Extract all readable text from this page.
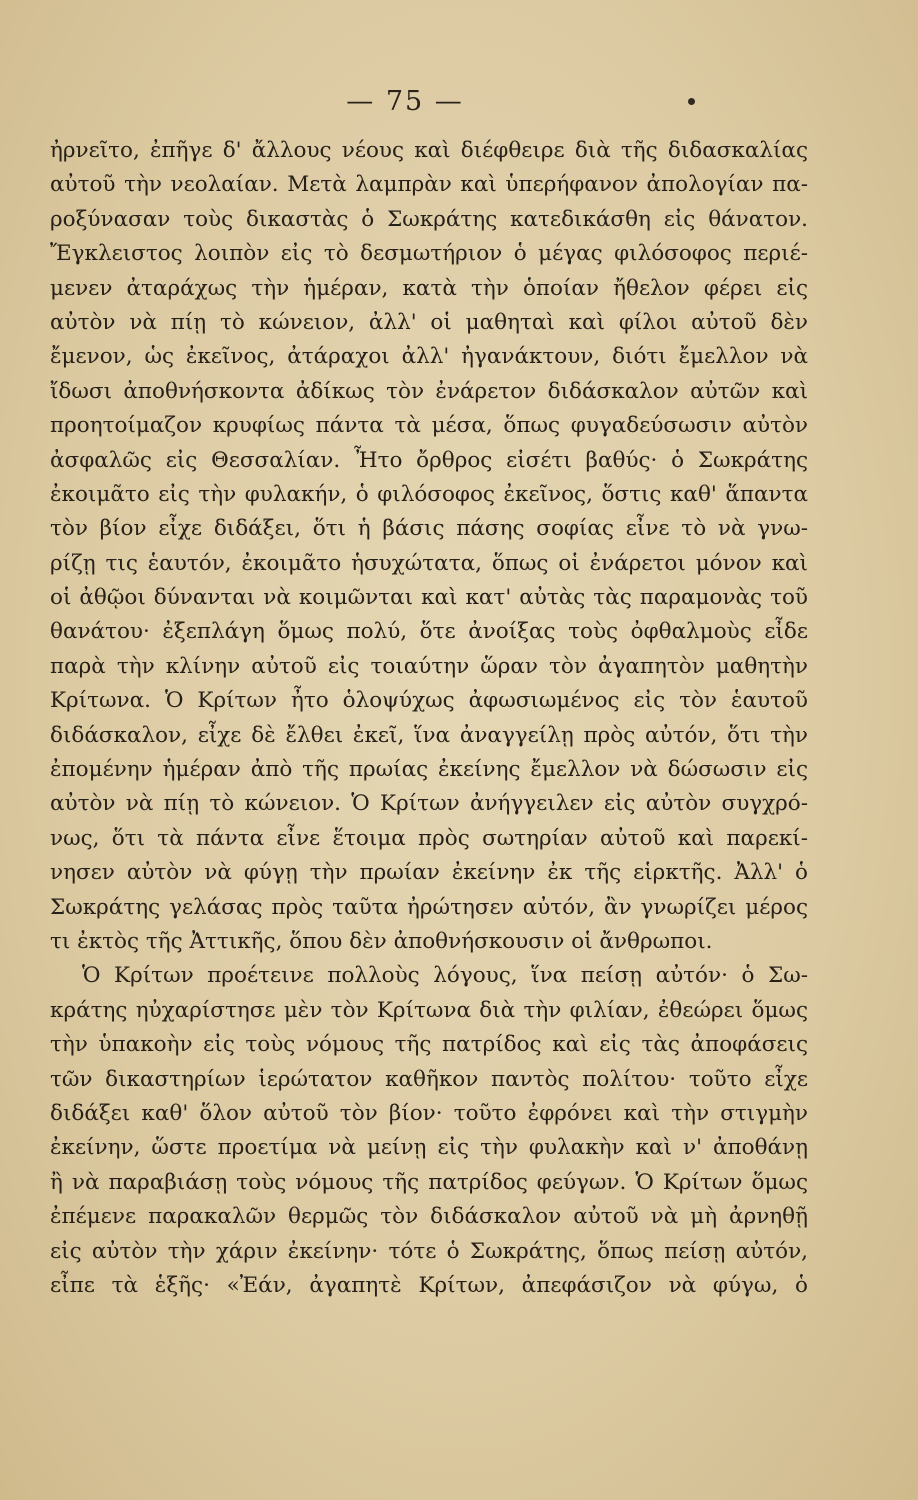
— 75 —
ἠρνεῖτο, ἐπῆγε δ' ἄλλους νέους καὶ διέφθειρε διὰ τῆς διδασκαλίας
αὐτοῦ τὴν νεολαίαν. Μετὰ λαμπρὰν καὶ ὑπερήφανον ἀπολογίαν πα-
ροξύνασαν τοὺς δικαστὰς ὁ Σωκράτης κατεδικάσθη εἰς θάνατον.
Ἔγκλειστος λοιπὸν εἰς τὸ δεσμωτήριον ὁ μέγας φιλόσοφος περιέ-
μενεν ἀταράχως τὴν ἡμέραν, κατὰ τὴν ὁποίαν ἤθελον φέρει εἰς
αὐτὸν νὰ πίῃ τὸ κώνειον, ἀλλ' οἱ μαθηταὶ καὶ φίλοι αὐτοῦ δὲν
ἔμενον, ὡς ἐκεῖνος, ἀτάραχοι ἀλλ' ἠγανάκτουν, διότι ἔμελλον νὰ
ἴδωσι ἀποθνήσκοντα ἀδίκως τὸν ἐνάρετον διδάσκαλον αὐτῶν καὶ
προητοίμαζον κρυφίως πάντα τὰ μέσα, ὅπως φυγαδεύσωσιν αὐτὸν
ἀσφαλῶς εἰς Θεσσαλίαν. Ἦτο ὄρθρος εἰσέτι βαθύς· ὁ Σωκράτης
ἐκοιμᾶτο εἰς τὴν φυλακήν, ὁ φιλόσοφος ἐκεῖνος, ὅστις καθ' ἅπαντα
τὸν βίον εἶχε διδάξει, ὅτι ἡ βάσις πάσης σοφίας εἶνε τὸ νὰ γνω-
ρίζῃ τις ἑαυτόν, ἐκοιμᾶτο ἡσυχώτατα, ὅπως οἱ ἐνάρετοι μόνον καὶ
οἱ ἀθῷοι δύνανται νὰ κοιμῶνται καὶ κατ' αὐτὰς τὰς παραμονὰς τοῦ
θανάτου· ἐξεπλάγη ὅμως πολύ, ὅτε ἀνοίξας τοὺς ὀφθαλμοὺς εἶδε
παρὰ τὴν κλίνην αὐτοῦ εἰς τοιαύτην ὥραν τὸν ἀγαπητὸν μαθητὴν
Κρίτωνα. Ὁ Κρίτων ἦτο ὁλοψύχως ἀφωσιωμένος εἰς τὸν ἑαυτοῦ
διδάσκαλον, εἶχε δὲ ἔλθει ἐκεῖ, ἵνα ἀναγγείλῃ πρὸς αὐτόν, ὅτι τὴν
ἐπομένην ἡμέραν ἀπὸ τῆς πρωίας ἐκείνης ἔμελλον νὰ δώσωσιν εἰς
αὐτὸν νὰ πίῃ τὸ κώνειον. Ὁ Κρίτων ἀνήγγειλεν εἰς αὐτὸν συγχρό-
νως, ὅτι τὰ πάντα εἶνε ἕτοιμα πρὸς σωτηρίαν αὐτοῦ καὶ παρεκί-
νησεν αὐτὸν νὰ φύγῃ τὴν πρωίαν ἐκείνην ἐκ τῆς εἱρκτῆς. Ἀλλ' ὁ
Σωκράτης γελάσας πρὸς ταῦτα ἠρώτησεν αὐτόν, ἂν γνωρίζει μέρος
τι ἐκτὸς τῆς Ἀττικῆς, ὅπου δὲν ἀποθνήσκουσιν οἱ ἄνθρωποι.
Ὁ Κρίτων προέτεινε πολλοὺς λόγους, ἵνα πείσῃ αὐτόν· ὁ Σω-
κράτης ηὐχαρίστησε μὲν τὸν Κρίτωνα διὰ τὴν φιλίαν, ἐθεώρει ὅμως
τὴν ὑπακοὴν εἰς τοὺς νόμους τῆς πατρίδος καὶ εἰς τὰς ἀποφάσεις
τῶν δικαστηρίων ἱερώτατον καθῆκον παντὸς πολίτου· τοῦτο εἶχε
διδάξει καθ' ὅλον αὐτοῦ τὸν βίον· τοῦτο ἐφρόνει καὶ τὴν στιγμὴν
ἐκείνην, ὥστε προετίμα νὰ μείνῃ εἰς τὴν φυλακὴν καὶ ν' ἀποθάνῃ
ἢ νὰ παραβιάσῃ τοὺς νόμους τῆς πατρίδος φεύγων. Ὁ Κρίτων ὅμως
ἐπέμενε παρακαλῶν θερμῶς τὸν διδάσκαλον αὐτοῦ νὰ μὴ ἀρνηθῇ
εἰς αὐτὸν τὴν χάριν ἐκείνην· τότε ὁ Σωκράτης, ὅπως πείσῃ αὐτόν,
εἶπε τὰ ἑξῆς· «Ἐάν, ἀγαπητὲ Κρίτων, ἀπεφάσιζον νὰ φύγω, ὁ
